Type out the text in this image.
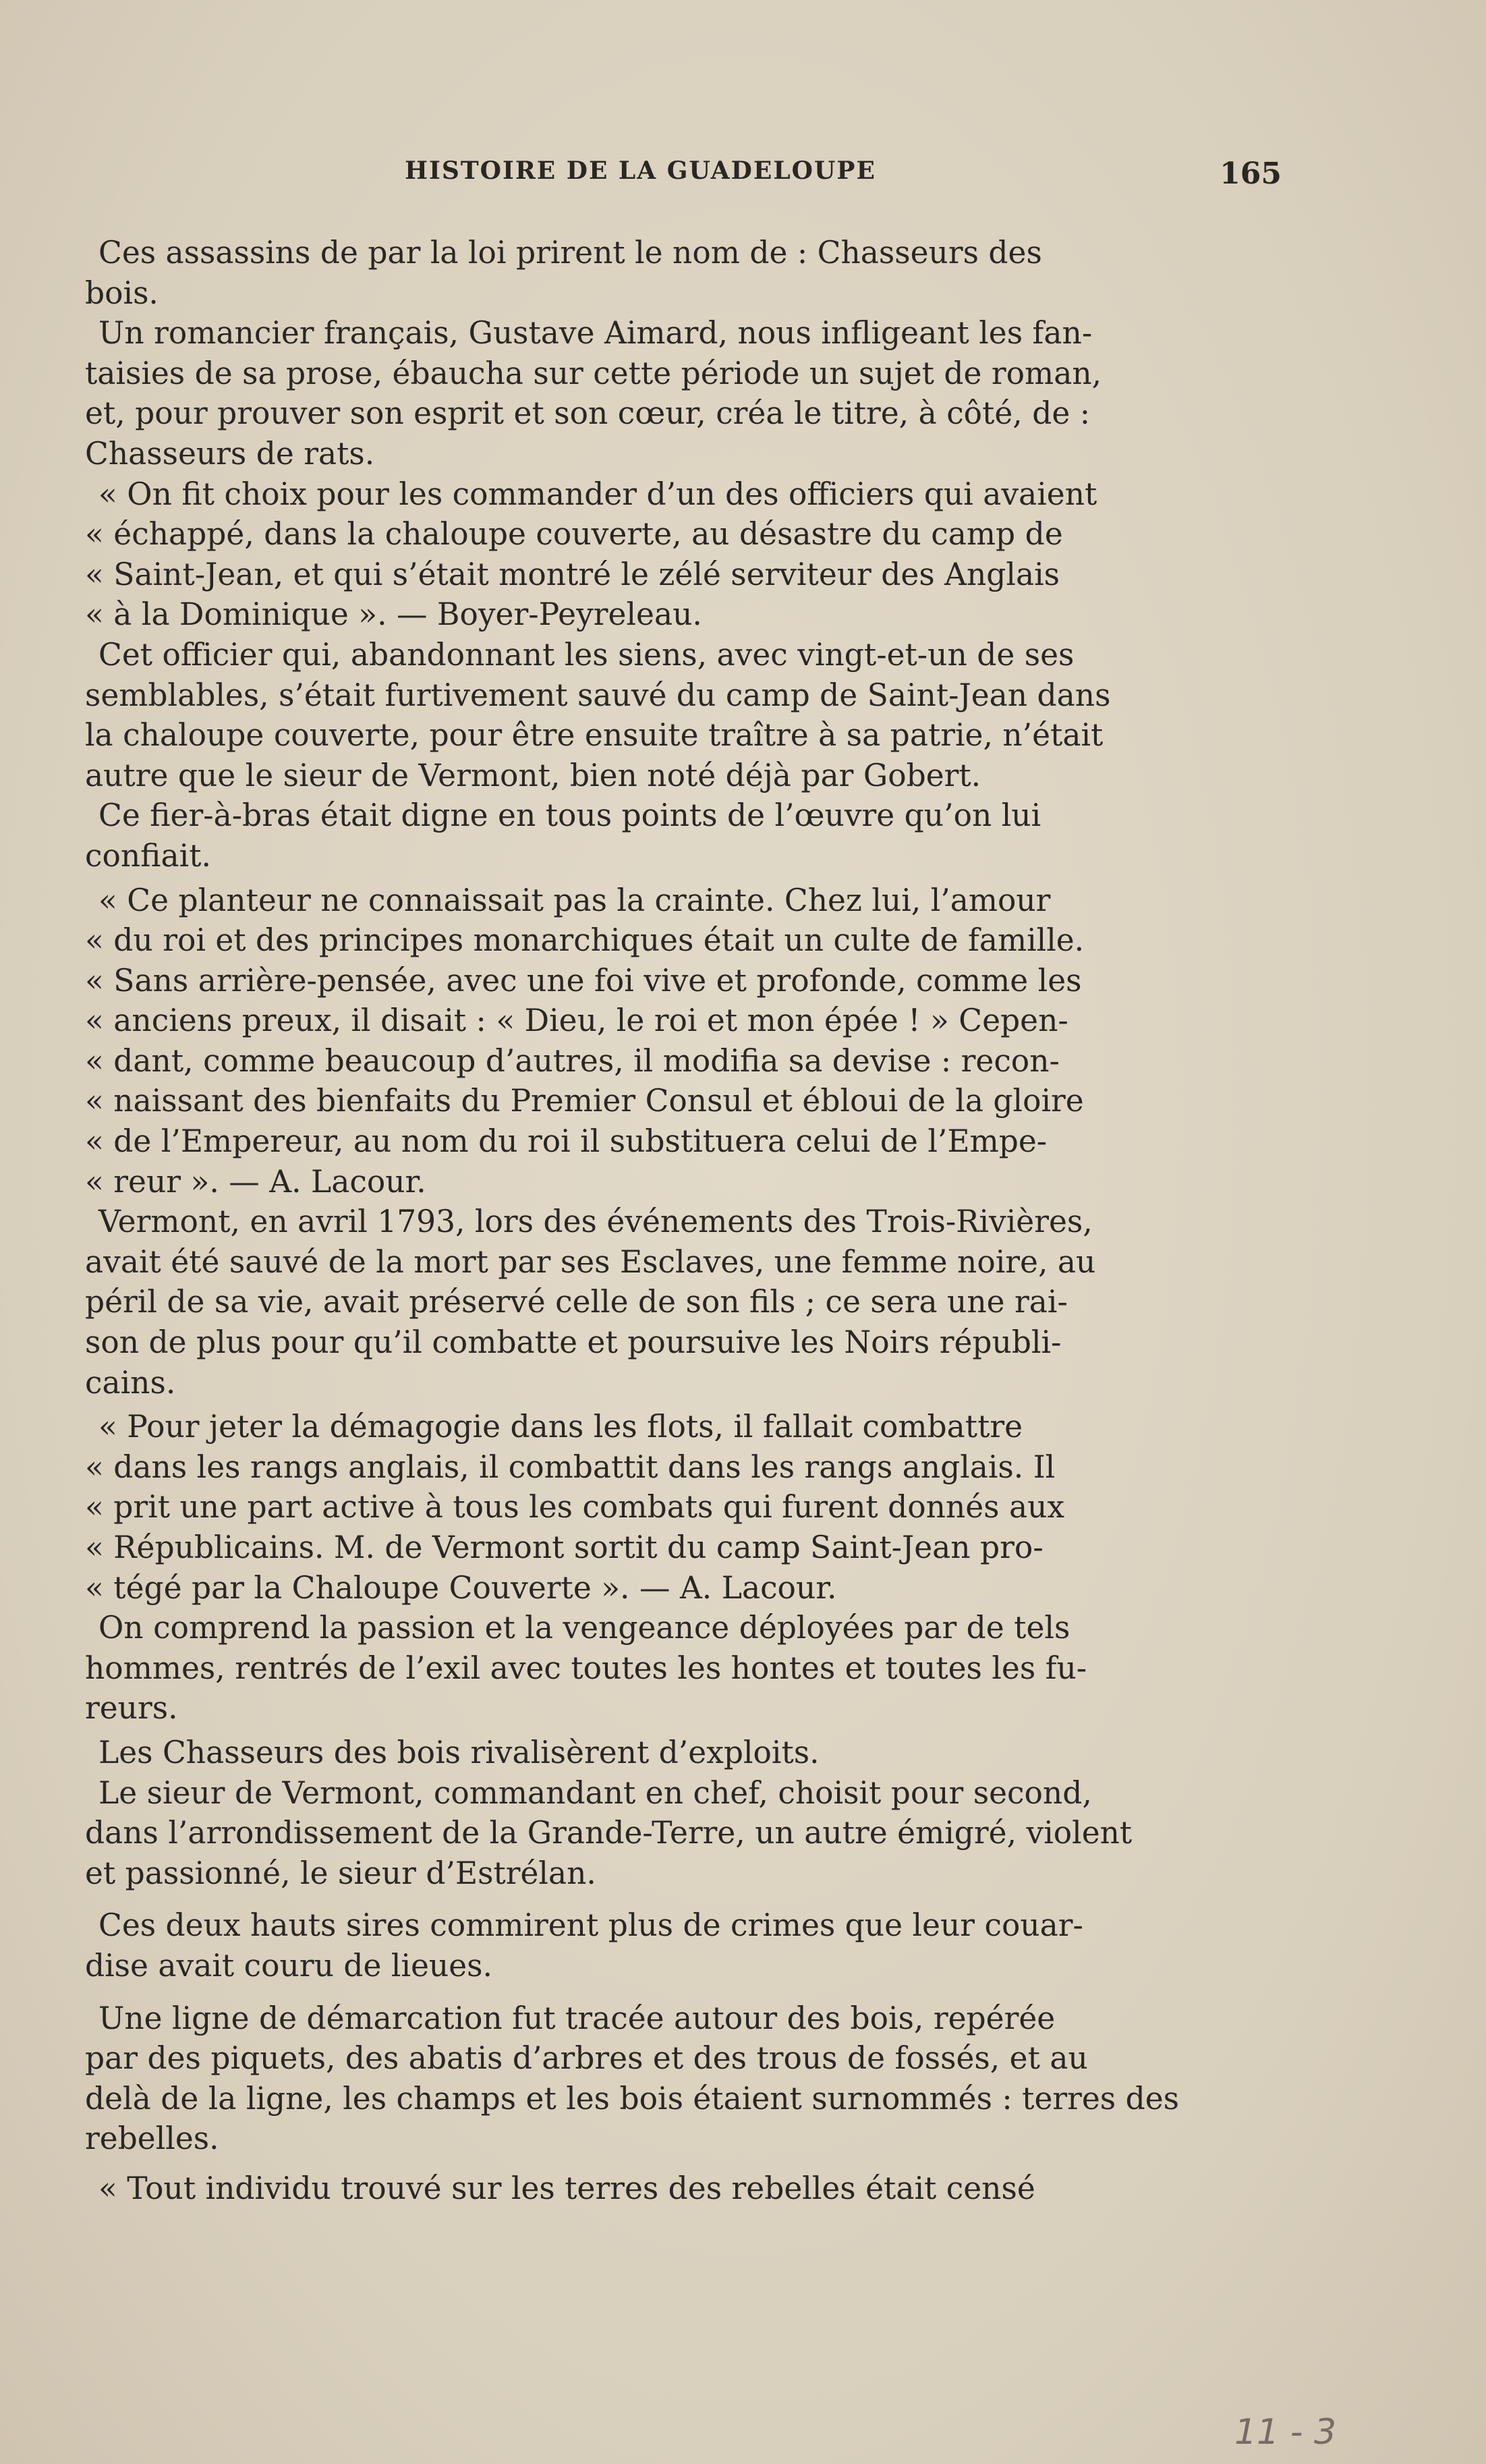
HISTOIRE DE LA GUADELOUPE	165

Ces assassins de par la loi prirent le nom de : Chasseurs des
bois.

Un romancier français, Gustave Aimard, nous infligeant les fan-
taisies de sa prose, ébaucha sur cette période un sujet de roman,
et, pour prouver son esprit et son cœur, créa le titre, à côté, de :
Chasseurs de rats.

« On fit choix pour les commander d’un des officiers qui avaient
« échappé, dans la chaloupe couverte, au désastre du camp de
« Saint-Jean, et qui s’était montré le zélé serviteur des Anglais
« à la Dominique ». — Boyer-Peyreleau.

Cet officier qui, abandonnant les siens, avec vingt-et-un de ses
semblables, s’était furtivement sauvé du camp de Saint-Jean dans
la chaloupe couverte, pour être ensuite traître à sa patrie, n’était
autre que le sieur de Vermont, bien noté déjà par Gobert.

Ce fier-à-bras était digne en tous points de l’œuvre qu’on lui
confiait.

« Ce planteur ne connaissait pas la crainte. Chez lui, l’amour
« du roi et des principes monarchiques était un culte de famille.
« Sans arrière-pensée, avec une foi vive et profonde, comme les
« anciens preux, il disait : « Dieu, le roi et mon épée ! » Cepen-
« dant, comme beaucoup d’autres, il modifia sa devise : recon-
« naissant des bienfaits du Premier Consul et ébloui de la gloire
« de l’Empereur, au nom du roi il substituera celui de l’Empe-
« reur ». — A. Lacour.

Vermont, en avril 1793, lors des événements des Trois-Rivières,
avait été sauvé de la mort par ses Esclaves, une femme noire, au
péril de sa vie, avait préservé celle de son fils ; ce sera une rai-
son de plus pour qu’il combatte et poursuive les Noirs républi-
cains.

« Pour jeter la démagogie dans les flots, il fallait combattre
« dans les rangs anglais, il combattit dans les rangs anglais. Il
« prit une part active à tous les combats qui furent donnés aux
« Républicains. M. de Vermont sortit du camp Saint-Jean pro-
« tégé par la Chaloupe Couverte ». — A. Lacour.

On comprend la passion et la vengeance déployées par de tels
hommes, rentrés de l’exil avec toutes les hontes et toutes les fu-
reurs.

Les Chasseurs des bois rivalisèrent d’exploits.

Le sieur de Vermont, commandant en chef, choisit pour second,
dans l’arrondissement de la Grande-Terre, un autre émigré, violent
et passionné, le sieur d’Estrélan.

Ces deux hauts sires commirent plus de crimes que leur couar-
dise avait couru de lieues.

Une ligne de démarcation fut tracée autour des bois, repérée
par des piquets, des abatis d’arbres et des trous de fossés, et au
delà de la ligne, les champs et les bois étaient surnommés : terres des
rebelles.

« Tout individu trouvé sur les terres des rebelles était censé

11 - 3
